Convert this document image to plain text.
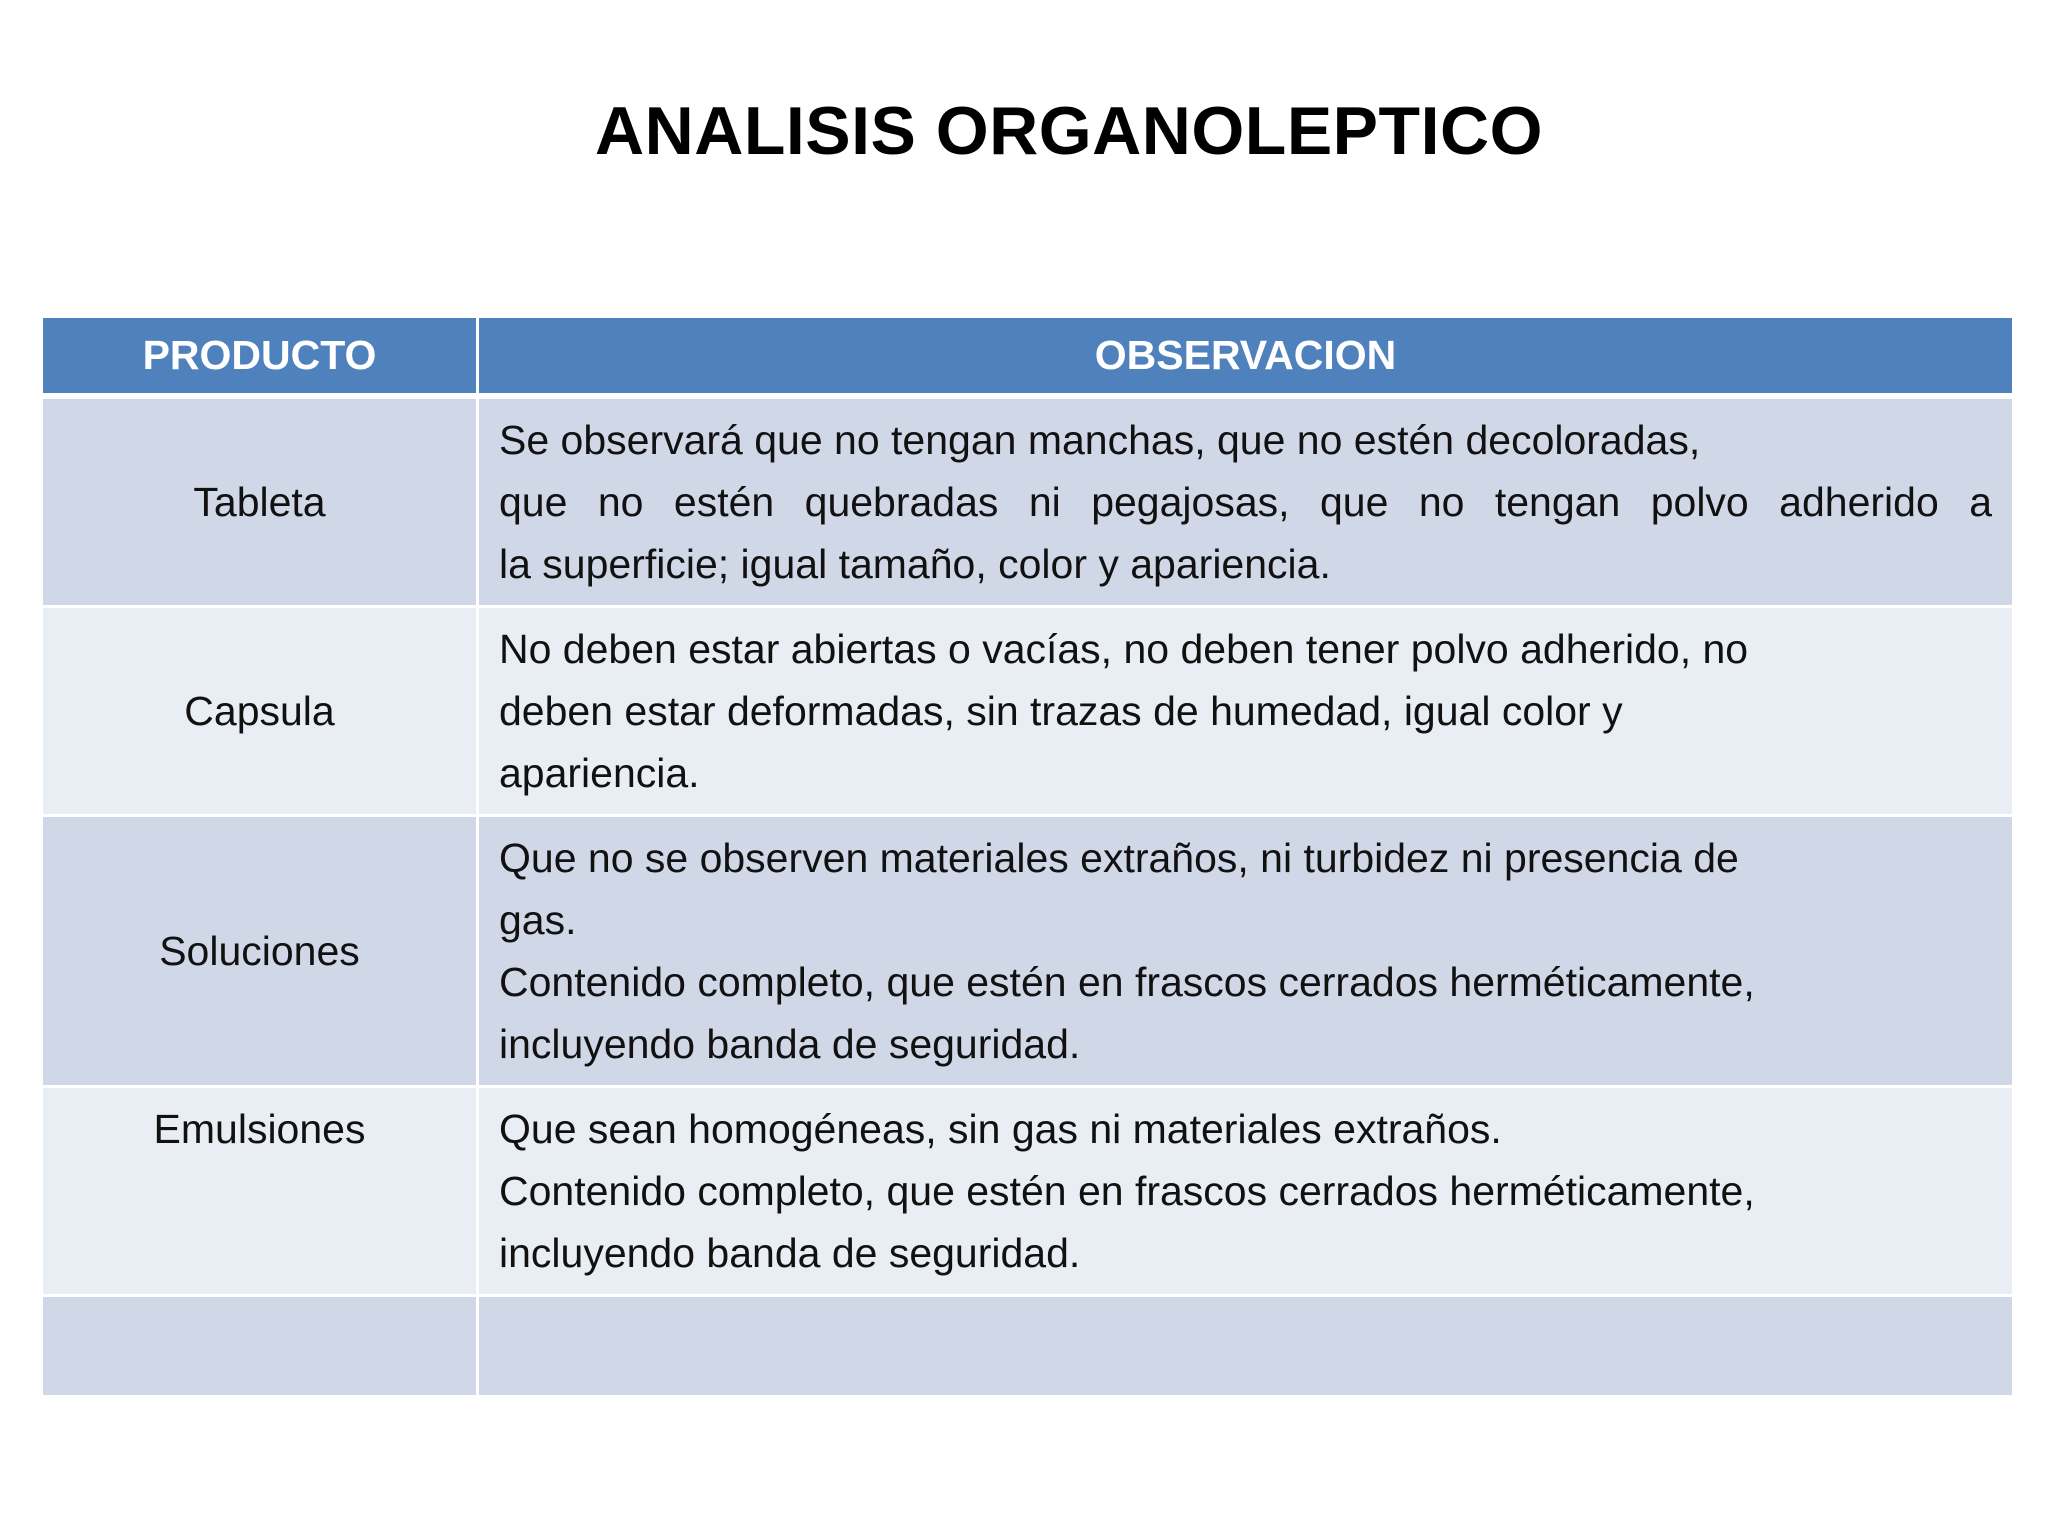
ANALISIS ORGANOLEPTICO
PRODUCTO	OBSERVACION
Tableta	Se observará que no tengan manchas, que no estén decoloradas,
que no estén quebradas ni pegajosas, que no tengan polvo adherido a
la superficie; igual tamaño, color y apariencia.

Capsula	No deben estar abiertas o vacías, no deben tener polvo adherido, no
deben estar deformadas, sin trazas de humedad, igual color y
apariencia.

Soluciones	Que no se observen materiales extraños, ni turbidez ni presencia de
gas.
Contenido completo, que estén en frascos cerrados herméticamente,
incluyendo banda de seguridad.

Emulsiones	Que sean homogéneas, sin gas ni materiales extraños.
Contenido completo, que estén en frascos cerrados herméticamente,
incluyendo banda de seguridad.
